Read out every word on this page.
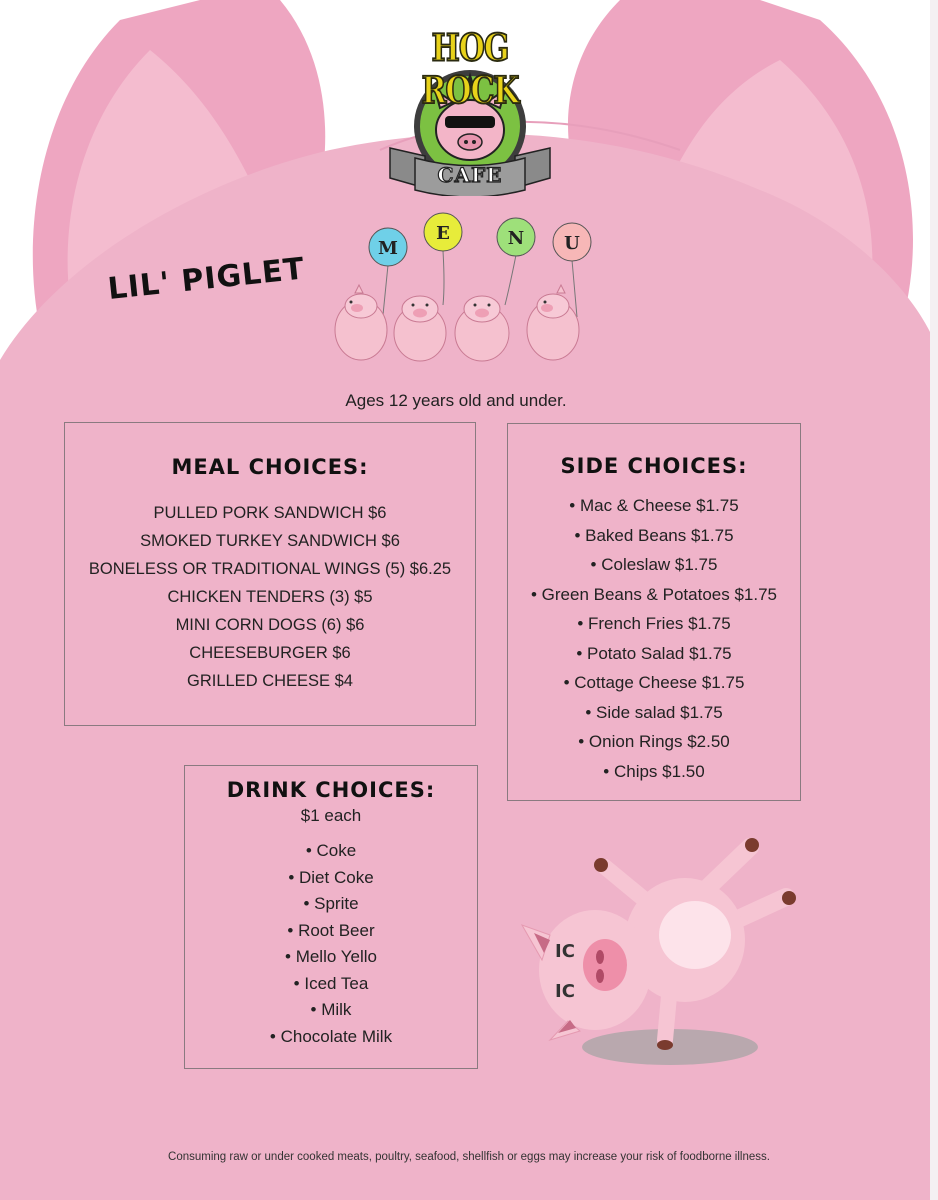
HOG ROCK
CAFE
M
E	N U
LIL' PIGLET
Ages 12 years old and under.
MEAL CHOICES:
PULLED PORK SANDWICH $6
SMOKED TURKEY SANDWICH $6
BONELESS OR TRADITIONAL WINGS (5) $6.25
CHICKEN TENDERS (3) $5
MINI CORN DOGS (6) $6
CHEESEBURGER $6
GRILLED CHEESE $4
SIDE CHOICES:
• Mac & Cheese $1.75
• Baked Beans $1.75
• Coleslaw $1.75
• Green Beans & Potatoes $1.75
• French Fries $1.75
• Potato Salad $1.75
• Cottage Cheese $1.75
• Side salad $1.75
• Onion Rings $2.50
• Chips $1.50
DRINK CHOICES:
$1 each
• Coke
• Diet Coke
• Sprite
• Root Beer
• Mello Yello
• Iced Tea
• Milk
• Chocolate Milk
IC
IC
Consuming raw or under cooked meats, poultry, seafood, shellfish or eggs may increase your risk of foodborne illness.
